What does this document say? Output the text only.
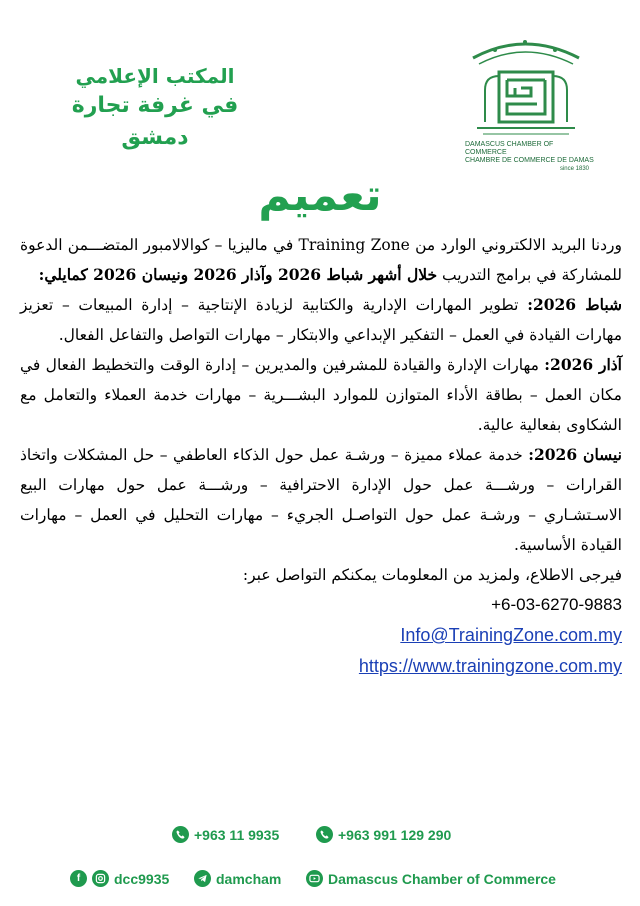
المكتب الإعلامي
في غرفة تجارة دمشق	DAMASCUS CHAMBER OF COMMERCE
CHAMBRE DE COMMERCE DE DAMAS
since 1830
تعميم

وردنا البريد الالكتروني الوارد من Training Zone في ماليزيا – كوالالامبور المتضـــمن الدعوة للمشاركة في برامج التدريب خلال أشهر شباط 2026 وآذار 2026 ونيسان 2026 كمايلي:

شباط 2026: تطوير المهارات الإدارية والكتابية لزيادة الإنتاجية – إدارة المبيعات – تعزيز مهارات القيادة في العمل – التفكير الإبداعي والابتكار – مهارات التواصل والتفاعل الفعال.

آذار 2026: مهارات الإدارة والقيادة للمشرفين والمديرين – إدارة الوقت والتخطيط الفعال في مكان العمل – بطاقة الأداء المتوازن للموارد البشـــرية – مهارات خدمة العملاء والتعامل مع الشكاوى بفعالية عالية.

نيسان 2026: خدمة عملاء مميزة – ورشـة عمل حول الذكاء العاطفي – حل المشكلات واتخاذ القرارات – ورشـــة عمل حول الإدارة الاحترافية – ورشـــة عمل حول مهارات البيع الاسـتشـاري – ورشـة عمل حول التواصـل الجريء – مهارات التحليل في العمل – مهارات القيادة الأساسية.

فيرجى الاطلاع، ولمزيد من المعلومات يمكنكم التواصل عبر:

+6-03-6270-9883

Info@TrainingZone.com.my

https://www.trainingzone.com.my

+963 11 9935	+963 991 129 290
f	dcc9935	damcham	Damascus Chamber of Commerce
